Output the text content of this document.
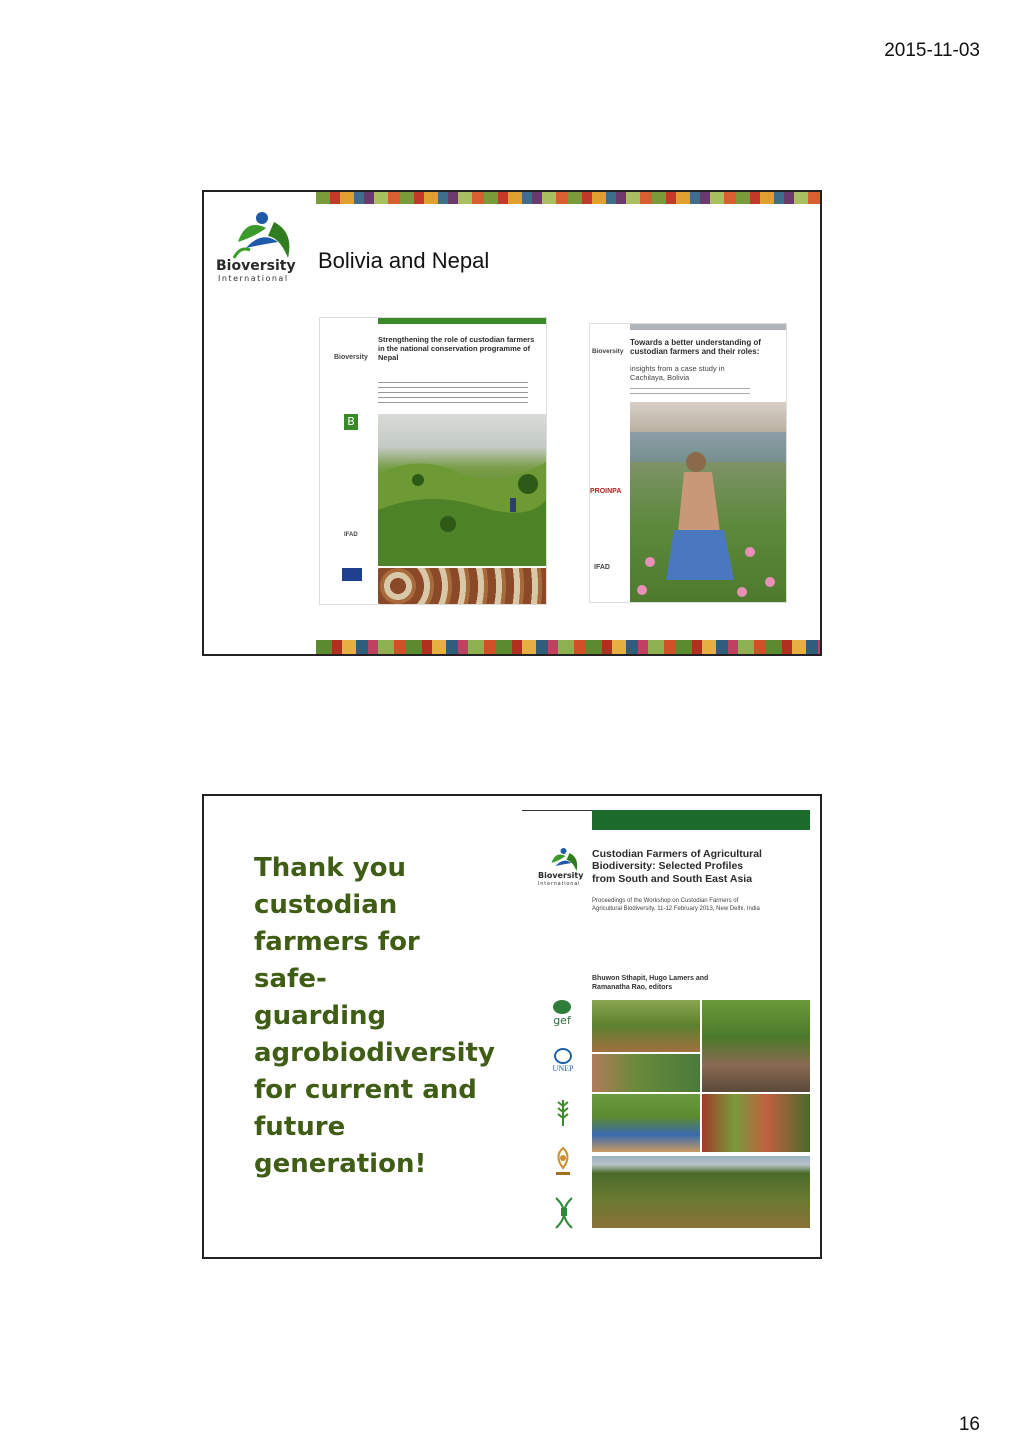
2015-11-03
Bioversity
International
Bolivia and Nepal
Bioversity
Strengthening the role of custodian farmers in the national conservation programme of Nepal
B
IFAD
Bioversity
Towards a better understanding of custodian farmers and their roles:
insights from a case study in Cachilaya, Bolivia
PROINPA
IFAD
Thank you
custodian
farmers for safe-
guarding
agrobiodiversity
for current and
future
generation!
Bioversity
International
Custodian Farmers of Agricultural Biodiversity: Selected Profiles from South and South East Asia
Proceedings of the Workshop on Custodian Farmers of Agricultural Biodiversity, 11-12 February 2013, New Delhi, India
Bhuwon Sthapit, Hugo Lamers and Ramanatha Rao, editors
gef
UNEP
16
